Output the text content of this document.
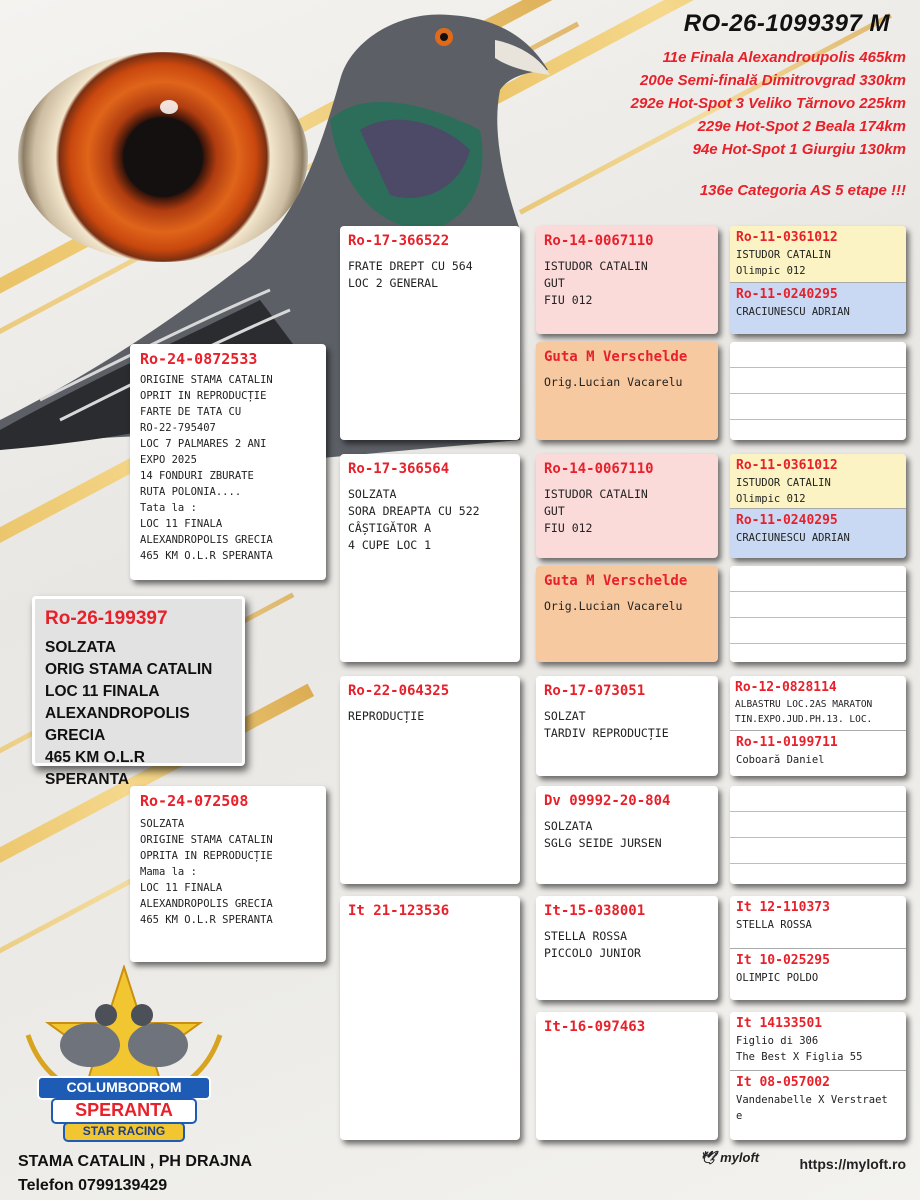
RO-26-1099397 M
11e Finala Alexandroupolis 465km
200e Semi-finală Dimitrovgrad 330km
292e Hot-Spot 3 Veliko Tărnovo 225km
229e Hot-Spot 2 Beala 174km
94e Hot-Spot 1 Giurgiu 130km
136e Categoria AS 5 etape !!!
Ro-26-199397
SOLZATA
ORIG STAMA CATALIN
LOC 11 FINALA
ALEXANDROPOLIS GRECIA
465 KM O.L.R SPERANTA
Ro-24-0872533
ORIGINE STAMA CATALIN
OPRIT IN REPRODUCȚIE
FARTE DE TATA CU
RO-22-795407
LOC 7 PALMARES 2 ANI
EXPO 2025
14 FONDURI ZBURATE
RUTA POLONIA....
Tata la :
LOC 11 FINALA
ALEXANDROPOLIS GRECIA
465 KM O.L.R SPERANTA
Ro-24-072508
SOLZATA
ORIGINE STAMA CATALIN
OPRITA IN REPRODUCȚIE
Mama la :
LOC 11 FINALA
ALEXANDROPOLIS GRECIA
465 KM O.L.R SPERANTA
Ro-17-366522
FRATE DREPT CU 564
LOC 2 GENERAL
Ro-17-366564
SOLZATA
SORA DREAPTA CU 522
CÂȘTIGĂTOR A
4 CUPE LOC 1
Ro-22-064325
REPRODUCȚIE
It 21-123536
Ro-14-0067110
ISTUDOR CATALIN
GUT
FIU 012
Guta M Verschelde
Orig.Lucian Vacarelu
Ro-14-0067110
ISTUDOR CATALIN
GUT
FIU 012
Guta M Verschelde
Orig.Lucian Vacarelu
Ro-17-073051
SOLZAT
TARDIV REPRODUCȚIE
Dv 09992-20-804
SOLZATA
SGLG SEIDE JURSEN
It-15-038001
STELLA ROSSA
PICCOLO JUNIOR
It-16-097463
Ro-11-0361012
ISTUDOR CATALIN
Olimpic 012
Ro-11-0240295
CRACIUNESCU ADRIAN
Ro-11-0361012
ISTUDOR CATALIN
Olimpic 012
Ro-11-0240295
CRACIUNESCU ADRIAN
Ro-12-0828114
ALBASTRU LOC.2AS MARATON
TIN.EXPO.JUD.PH.13. LOC.
Ro-11-0199711
Coboară Daniel
It 12-110373
STELLA ROSSA
It 10-025295
OLIMPIC POLDO
It 14133501
Figlio di 306
The Best X Figlia 55
It 08-057002
Vandenabelle X Verstraet
e
COLUMBODROM
SPERANTA
STAR RACING
STAMA CATALIN , PH DRAJNA
Telefon 0799139429
🕊 myloft	https://myloft.ro
